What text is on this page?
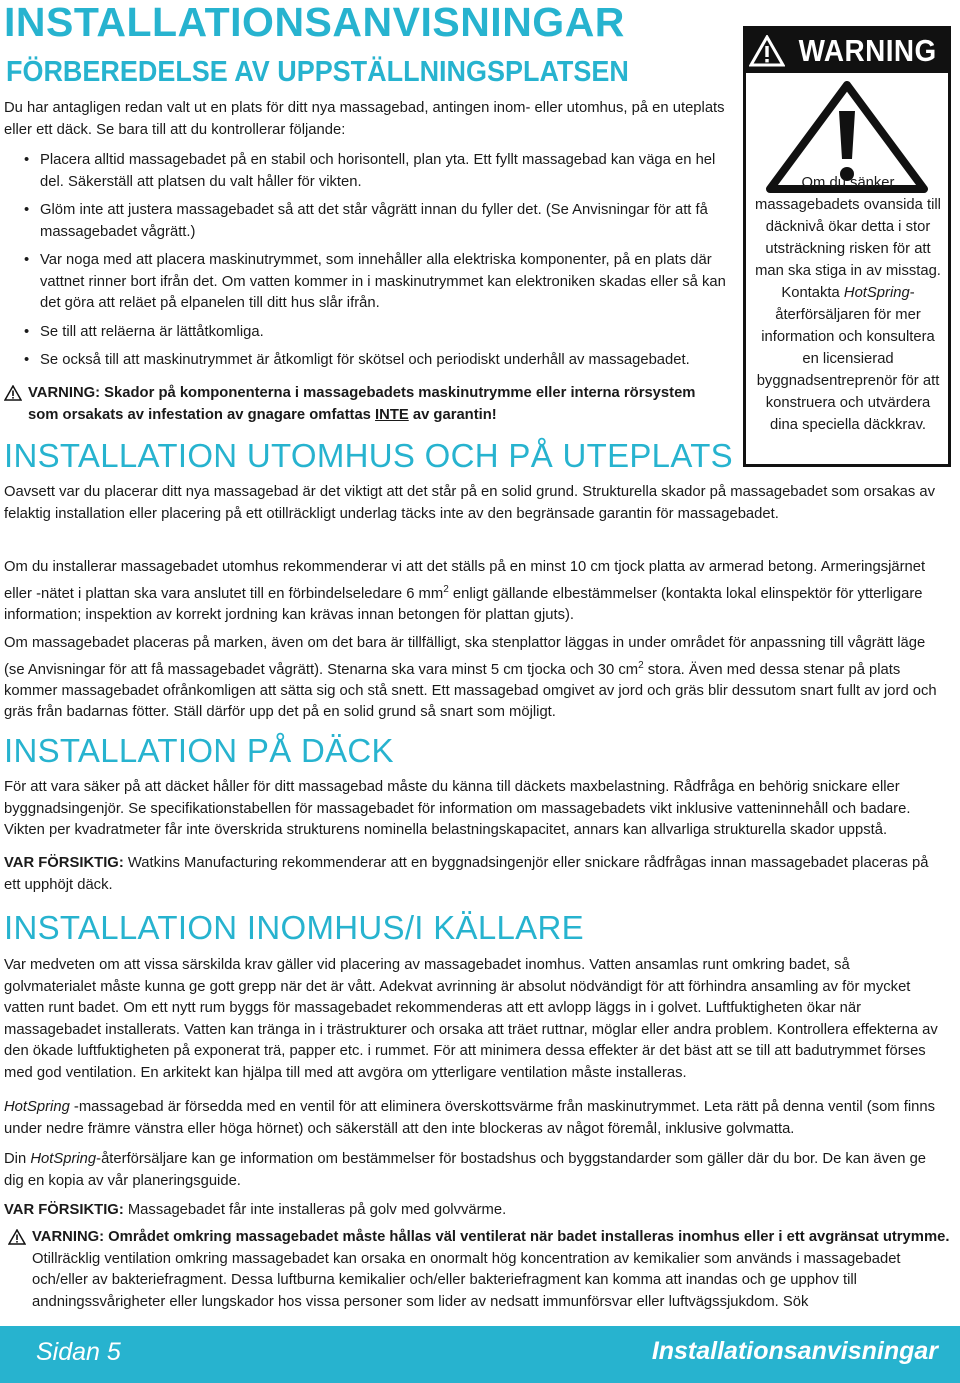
INSTALLATIONSANVISNINGAR
FÖRBEREDELSE AV UPPSTÄLLNINGSPLATSEN

Du har antagligen redan valt ut en plats för ditt nya massagebad, antingen inom- eller utomhus, på en uteplats eller ett däck. Se bara till att du kontrollerar följande:

• Placera alltid massagebadet på en stabil och horisontell, plan yta. Ett fyllt massagebad kan väga en hel del. Säkerställ att platsen du valt håller för vikten.
• Glöm inte att justera massagebadet så att det står vågrätt innan du fyller det. (Se Anvisningar för att få massagebadet vågrätt.)
• Var noga med att placera maskinutrymmet, som innehåller alla elektriska komponenter, på en plats där vattnet rinner bort ifrån det. Om vatten kommer in i maskinutrymmet kan elektroniken skadas eller så kan det göra att reläet på elpanelen till ditt hus slår ifrån.
• Se till att reläerna är lättåtkomliga.
• Se också till att maskinutrymmet är åtkomligt för skötsel och periodiskt underhåll av massagebadet.
VARNING: Skador på komponenterna i massagebadets maskinutrymme eller interna rörsystem som orsakats av infestation av gnagare omfattas INTE av garantin!
WARNING

Om du sänker massagebadets ovansida till däcknivå ökar detta i stor utsträckning risken för att man ska stiga in av misstag. Kontakta HotSpring-återförsäljaren för mer information och konsultera en licensierad byggnadsentreprenör för att konstruera och utvärdera dina speciella däckkrav.

INSTALLATION UTOMHUS OCH PÅ UTEPLATS

Oavsett var du placerar ditt nya massagebad är det viktigt att det står på en solid grund. Strukturella skador på massagebadet som orsakas av felaktig installation eller placering på ett otillräckligt underlag täcks inte av den begränsade garantin för massagebadet.

Om du installerar massagebadet utomhus rekommenderar vi att det ställs på en minst 10 cm tjock platta av armerad betong. Armeringsjärnet eller -nätet i plattan ska vara anslutet till en förbindelseledare 6 $mm^2$ enligt gällande elbestämmelser (kontakta lokal elinspektör för ytterligare information; inspektion av korrekt jordning kan krävas innan betongen för plattan gjuts).

Om massagebadet placeras på marken, även om det bara är tillfälligt, ska stenplattor läggas in under området för anpassning till vågrätt läge (se Anvisningar för att få massagebadet vågrätt). Stenarna ska vara minst 5 cm tjocka och 30 $cm^2$ stora. Även med dessa stenar på plats kommer massagebadet ofrånkomligen att sätta sig och stå snett. Ett massagebad omgivet av jord och gräs blir dessutom snart fullt av jord och gräs från badarnas fötter. Ställ därför upp det på en solid grund så snart som möjligt.

INSTALLATION PÅ DÄCK

För att vara säker på att däcket håller för ditt massagebad måste du känna till däckets maxbelastning. Rådfråga en behörig snickare eller byggnadsingenjör. Se specifikationstabellen för massagebadet för information om massagebadets vikt inklusive vatteninnehåll och badare. Vikten per kvadratmeter får inte överskrida strukturens nominella belastningskapacitet, annars kan allvarliga strukturella skador uppstå.

VAR FÖRSIKTIG: Watkins Manufacturing rekommenderar att en byggnadsingenjör eller snickare rådfrågas innan massagebadet placeras på ett upphöjt däck.

INSTALLATION INOMHUS/I KÄLLARE

Var medveten om att vissa särskilda krav gäller vid placering av massagebadet inomhus. Vatten ansamlas runt omkring badet, så golvmaterialet måste kunna ge gott grepp när det är vått. Adekvat avrinning är absolut nödvändigt för att förhindra ansamling av för mycket vatten runt badet. Om ett nytt rum byggs för massagebadet rekommenderas att ett avlopp läggs in i golvet. Luftfuktigheten ökar när massagebadet installerats. Vatten kan tränga in i trästrukturer och orsaka att träet ruttnar, möglar eller andra problem. Kontrollera effekterna av den ökade luftfuktigheten på exponerat trä, papper etc. i rummet. För att minimera dessa effekter är det bäst att se till att badutrymmet förses med god ventilation. En arkitekt kan hjälpa till med att avgöra om ytterligare ventilation måste installeras.

HotSpring -massagebad är försedda med en ventil för att eliminera överskottsvärme från maskinutrymmet. Leta rätt på denna ventil (som finns under nedre främre vänstra eller höga hörnet) och säkerställ att den inte blockeras av något föremål, inklusive golvmatta.

Din HotSpring-återförsäljare kan ge information om bestämmelser för bostadshus och byggstandarder som gäller där du bor. De kan även ge dig en kopia av vår planeringsguide.

VAR FÖRSIKTIG: Massagebadet får inte installeras på golv med golvvärme.

VARNING: Området omkring massagebadet måste hållas väl ventilerat när badet installeras inomhus eller i ett avgränsat utrymme. Otillräcklig ventilation omkring massagebadet kan orsaka en onormalt hög koncentration av kemikalier som används i massagebadet och/eller av bakteriefragment. Dessa luftburna kemikalier och/eller bakteriefragment kan komma att inandas och ge upphov till andningssvårigheter eller lungskador hos vissa personer som lider av nedsatt immunförsvar eller luftvägssjukdom. Sök
Sidan 5	Installationsanvisningar
